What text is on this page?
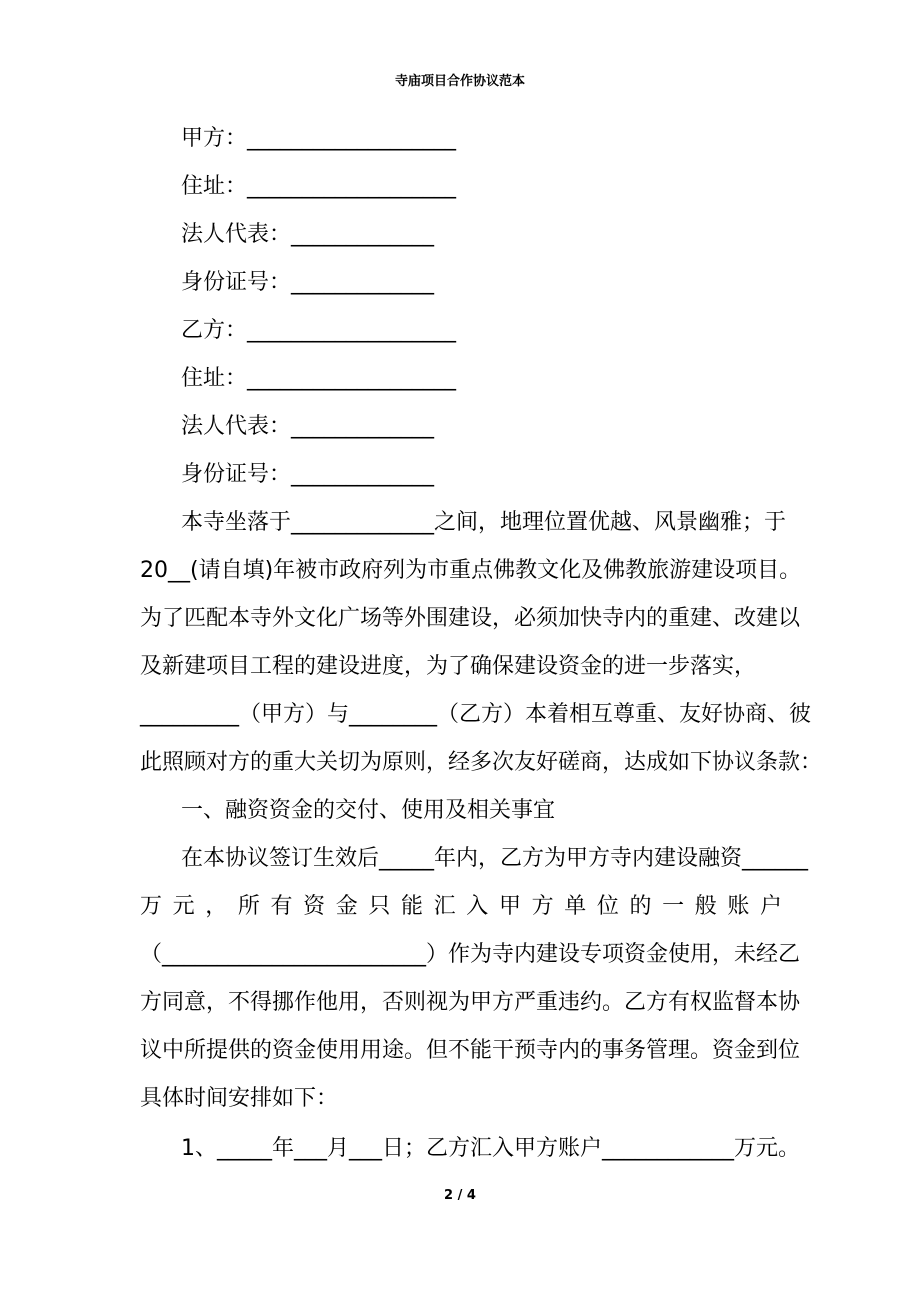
寺庙项目合作协议范本
甲方：___________________
住址：___________________
法人代表：_____________
身份证号：_____________
乙方：___________________
住址：___________________
法人代表：_____________
身份证号：_____________
本寺坐落于_____________之间，地理位置优越、风景幽雅；于
20__(请自填)年被市政府列为市重点佛教文化及佛教旅游建设项目。
为了匹配本寺外文化广场等外围建设，必须加快寺内的重建、改建以
及新建项目工程的建设进度，为了确保建设资金的进一步落实，
_________（甲方）与________（乙方）本着相互尊重、友好协商、彼
此照顾对方的重大关切为原则，经多次友好磋商，达成如下协议条款：
一、融资资金的交付、使用及相关事宜
在本协议签订生效后_____年内，乙方为甲方寺内建设融资______
万元，所有资金只能汇入甲方单位的一般账户
（________________________）作为寺内建设专项资金使用，未经乙
方同意，不得挪作他用，否则视为甲方严重违约。乙方有权监督本协
议中所提供的资金使用用途。但不能干预寺内的事务管理。资金到位
具体时间安排如下：
1、_____年___月___日；乙方汇入甲方账户____________万元。
2 / 4
